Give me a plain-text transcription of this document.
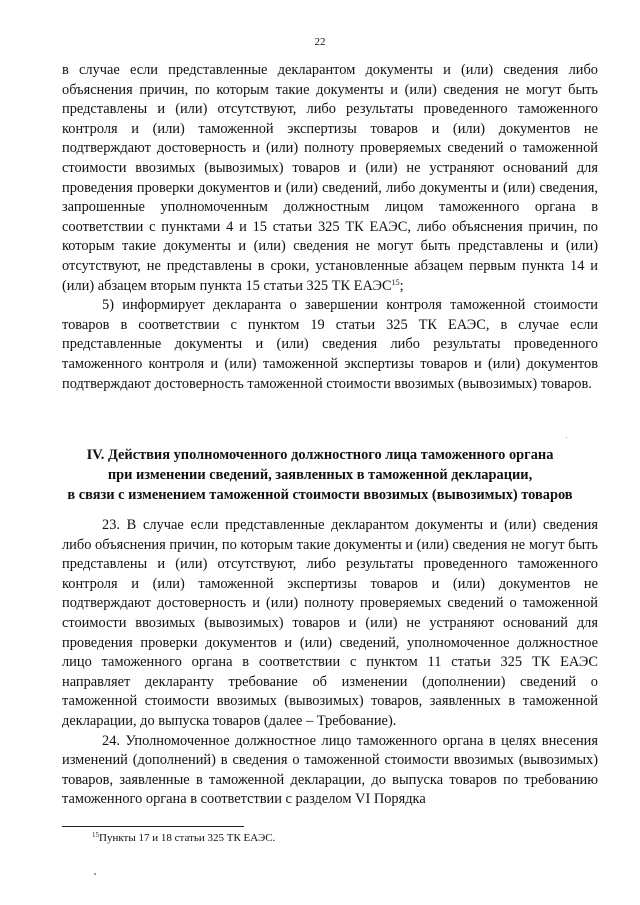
22

в случае если представленные декларантом документы и (или) сведения либо объяснения причин, по которым такие документы и (или) сведения не могут быть представлены и (или) отсутствуют, либо результаты проведенного таможенного контроля и (или) таможенной экспертизы товаров и (или) документов не подтверждают достоверность и (или) полноту проверяемых сведений о таможенной стоимости ввозимых (вывозимых) товаров и (или) не устраняют оснований для проведения проверки документов и (или) сведений, либо документы и (или) сведения, запрошенные уполномоченным должностным лицом таможенного органа в соответствии с пунктами 4 и 15 статьи 325 ТК ЕАЭС, либо объяснения причин, по которым такие документы и (или) сведения не могут быть представлены и (или) отсутствуют, не представлены в сроки, установленные абзацем первым пункта 14 и (или) абзацем вторым пункта 15 статьи 325 ТК ЕАЭС$^{15}$;

5) информирует декларанта о завершении контроля таможенной стоимости товаров в соответствии с пунктом 19 статьи 325 ТК ЕАЭС, в случае если представленные документы и (или) сведения либо результаты проведенного таможенного контроля и (или) таможенной экспертизы товаров и (или) документов подтверждают достоверность таможенной стоимости ввозимых (вывозимых) товаров.

IV. Действия уполномоченного должностного лица таможенного органа
при изменении сведений, заявленных в таможенной декларации,
в связи с изменением таможенной стоимости ввозимых (вывозимых) товаров

23. В случае если представленные декларантом документы и (или) сведения либо объяснения причин, по которым такие документы и (или) сведения не могут быть представлены и (или) отсутствуют, либо результаты проведенного таможенного контроля и (или) таможенной экспертизы товаров и (или) документов не подтверждают достоверность и (или) полноту проверяемых сведений о таможенной стоимости ввозимых (вывозимых) товаров и (или) не устраняют оснований для проведения проверки документов и (или) сведений, уполномоченное должностное лицо таможенного органа в соответствии с пунктом 11 статьи 325 ТК ЕАЭС направляет декларанту требование об изменении (дополнении) сведений о таможенной стоимости ввозимых (вывозимых) товаров, заявленных в таможенной декларации, до выпуска товаров (далее – Требование).

24. Уполномоченное должностное лицо таможенного органа в целях внесения изменений (дополнений) в сведения о таможенной стоимости ввозимых (вывозимых) товаров, заявленные в таможенной декларации, до выпуска товаров по требованию таможенного органа в соответствии с разделом VI Порядка

$^{15}$Пункты 17 и 18 статьи 325 ТК ЕАЭС.
